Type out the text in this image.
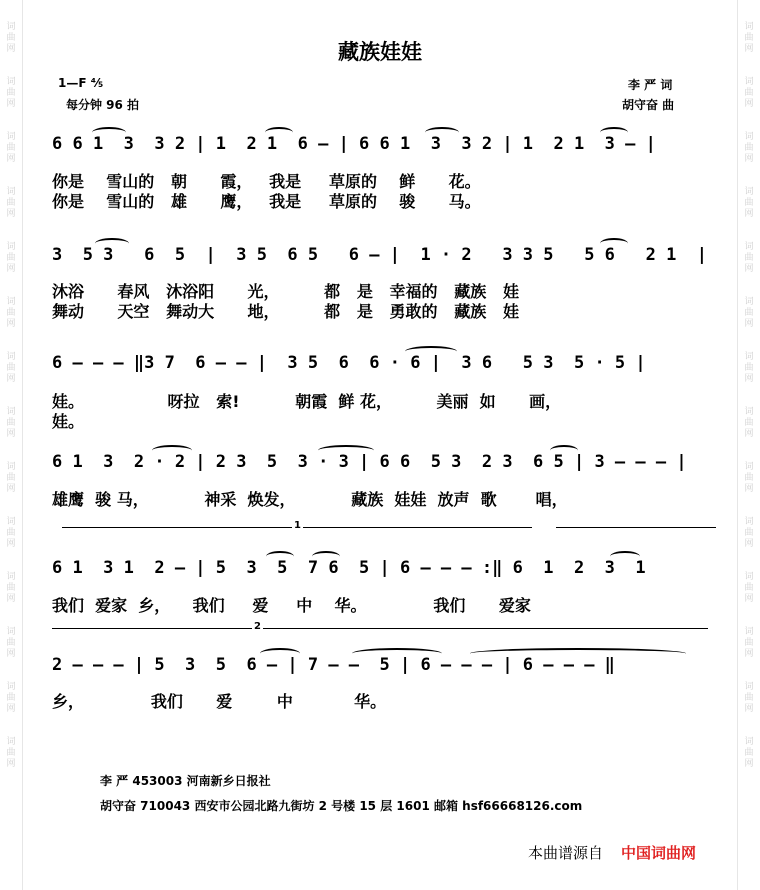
词
曲
网
词
曲
网
词
曲
网
词
曲
网
词
曲
网
词
曲
网
词
曲
网
词
曲
网
词
曲
网
词
曲
网
词
曲
网
词
曲
网
词
曲
网
词
曲
网
词
曲
网
词
曲
网
词
曲
网
词
曲
网
词
曲
网
词
曲
网
词
曲
网
词
曲
网
词
曲
网
词
曲
网
词
曲
网
词
曲
网
词
曲
网
词
曲
网
藏族娃娃
1—F ⅘
每分钟 96 拍
李 严 词
胡守奋 曲
6 6 1  3  3 2 | 1  2 1  6 — | 6 6 1  3  3 2 | 1  2 1  3 — |
你是    雪山的   朝      霞，   我是     草原的    鲜      花。
你是    雪山的   雄      鹰，   我是     草原的    骏      马。
3  5 3   6  5  |  3 5  6 5   6 — |  1 · 2   3 3 5   5 6   2 1  |
沐浴      春风   沐浴阳      光，        都   是   幸福的   藏族   娃
舞动      天空   舞动大      地，        都   是   勇敢的   藏族   娃
6 — — — ‖3 7  6 — — |  3 5  6  6 · 6 |  3 6   5 3  5 · 5 |
娃。               呀拉   索!          朝霞  鲜 花，        美丽  如      画，
娃。
6 1  3  2 · 2 | 2 3  5  3 · 3 | 6 6  5 3  2 3  6 5 | 3 — — — |
雄鹰  骏 马，          神采  焕发，          藏族  娃娃  放声  歌       唱，
1
6 1  3 1  2 — | 5  3  5  7 6  5 | 6 — — — :‖ 6  1  2  3  1
我们  爱家  乡，    我们     爱     中    华。            我们      爱家
2
2 — — — | 5  3  5  6 — | 7 — —  5 | 6 — — — | 6 — — — ‖
乡，            我们      爱        中           华。
李 严 453003 河南新乡日报社
胡守奋 710043 西安市公园北路九街坊 2 号楼 15 层 1601 邮箱 hsf66668126.com
本曲谱源自 中国词曲网
